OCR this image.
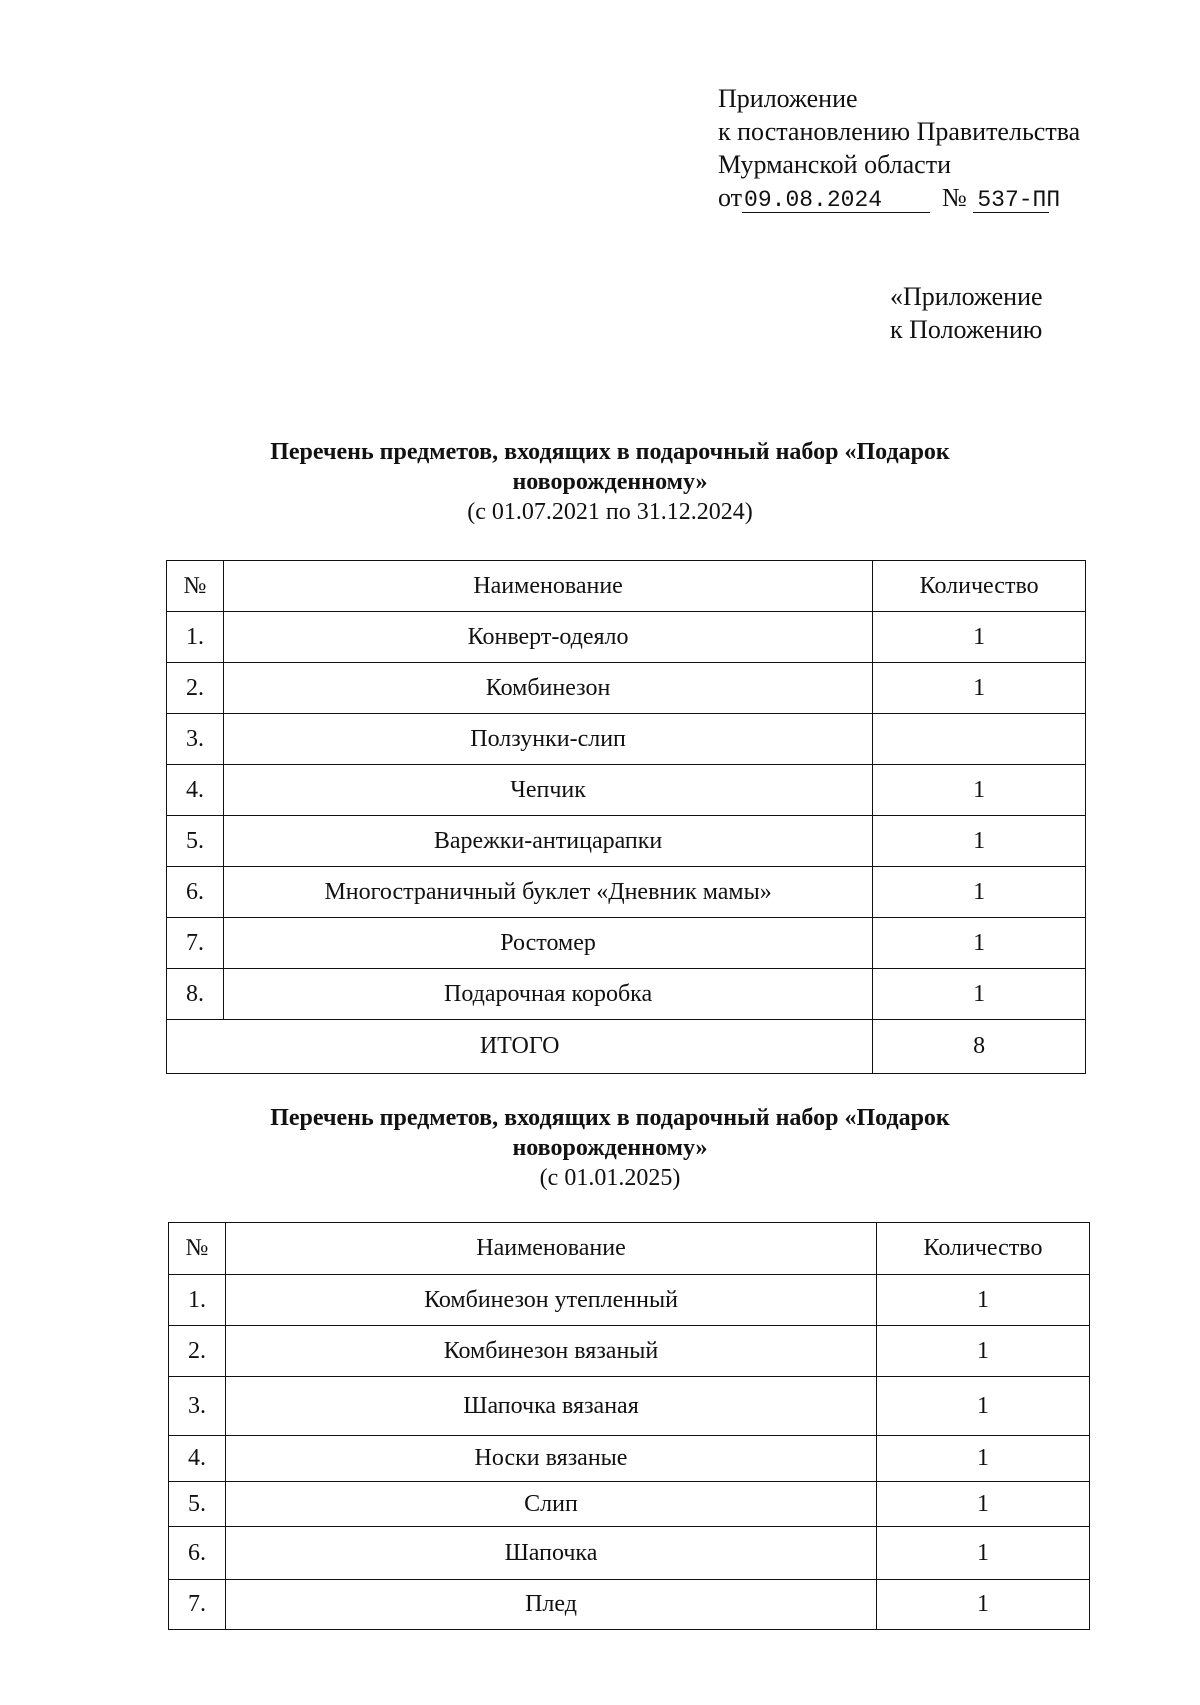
Приложение
к постановлению Правительства
Мурманской области
от09.08.2024 № 537-ПП
«Приложение
к Положению
Перечень предметов, входящих в подарочный набор «Подарок
новорожденному»
(с 01.07.2021 по 31.12.2024)
№	Наименование	Количество
1.	Конверт-одеяло	1
2.	Комбинезон	1
3.	Ползунки-слип	
4.	Чепчик	1
5.	Варежки-антицарапки	1
6.	Многостраничный буклет «Дневник мамы»	1
7.	Ростомер	1
8.	Подарочная коробка	1
ИТОГО		8
Перечень предметов, входящих в подарочный набор «Подарок
новорожденному»
(с 01.01.2025)
№	Наименование	Количество
1.	Комбинезон утепленный	1
2.	Комбинезон вязаный	1
3.	Шапочка вязаная	1
4.	Носки вязаные	1
5.	Слип	1
6.	Шапочка	1
7.	Плед	1
